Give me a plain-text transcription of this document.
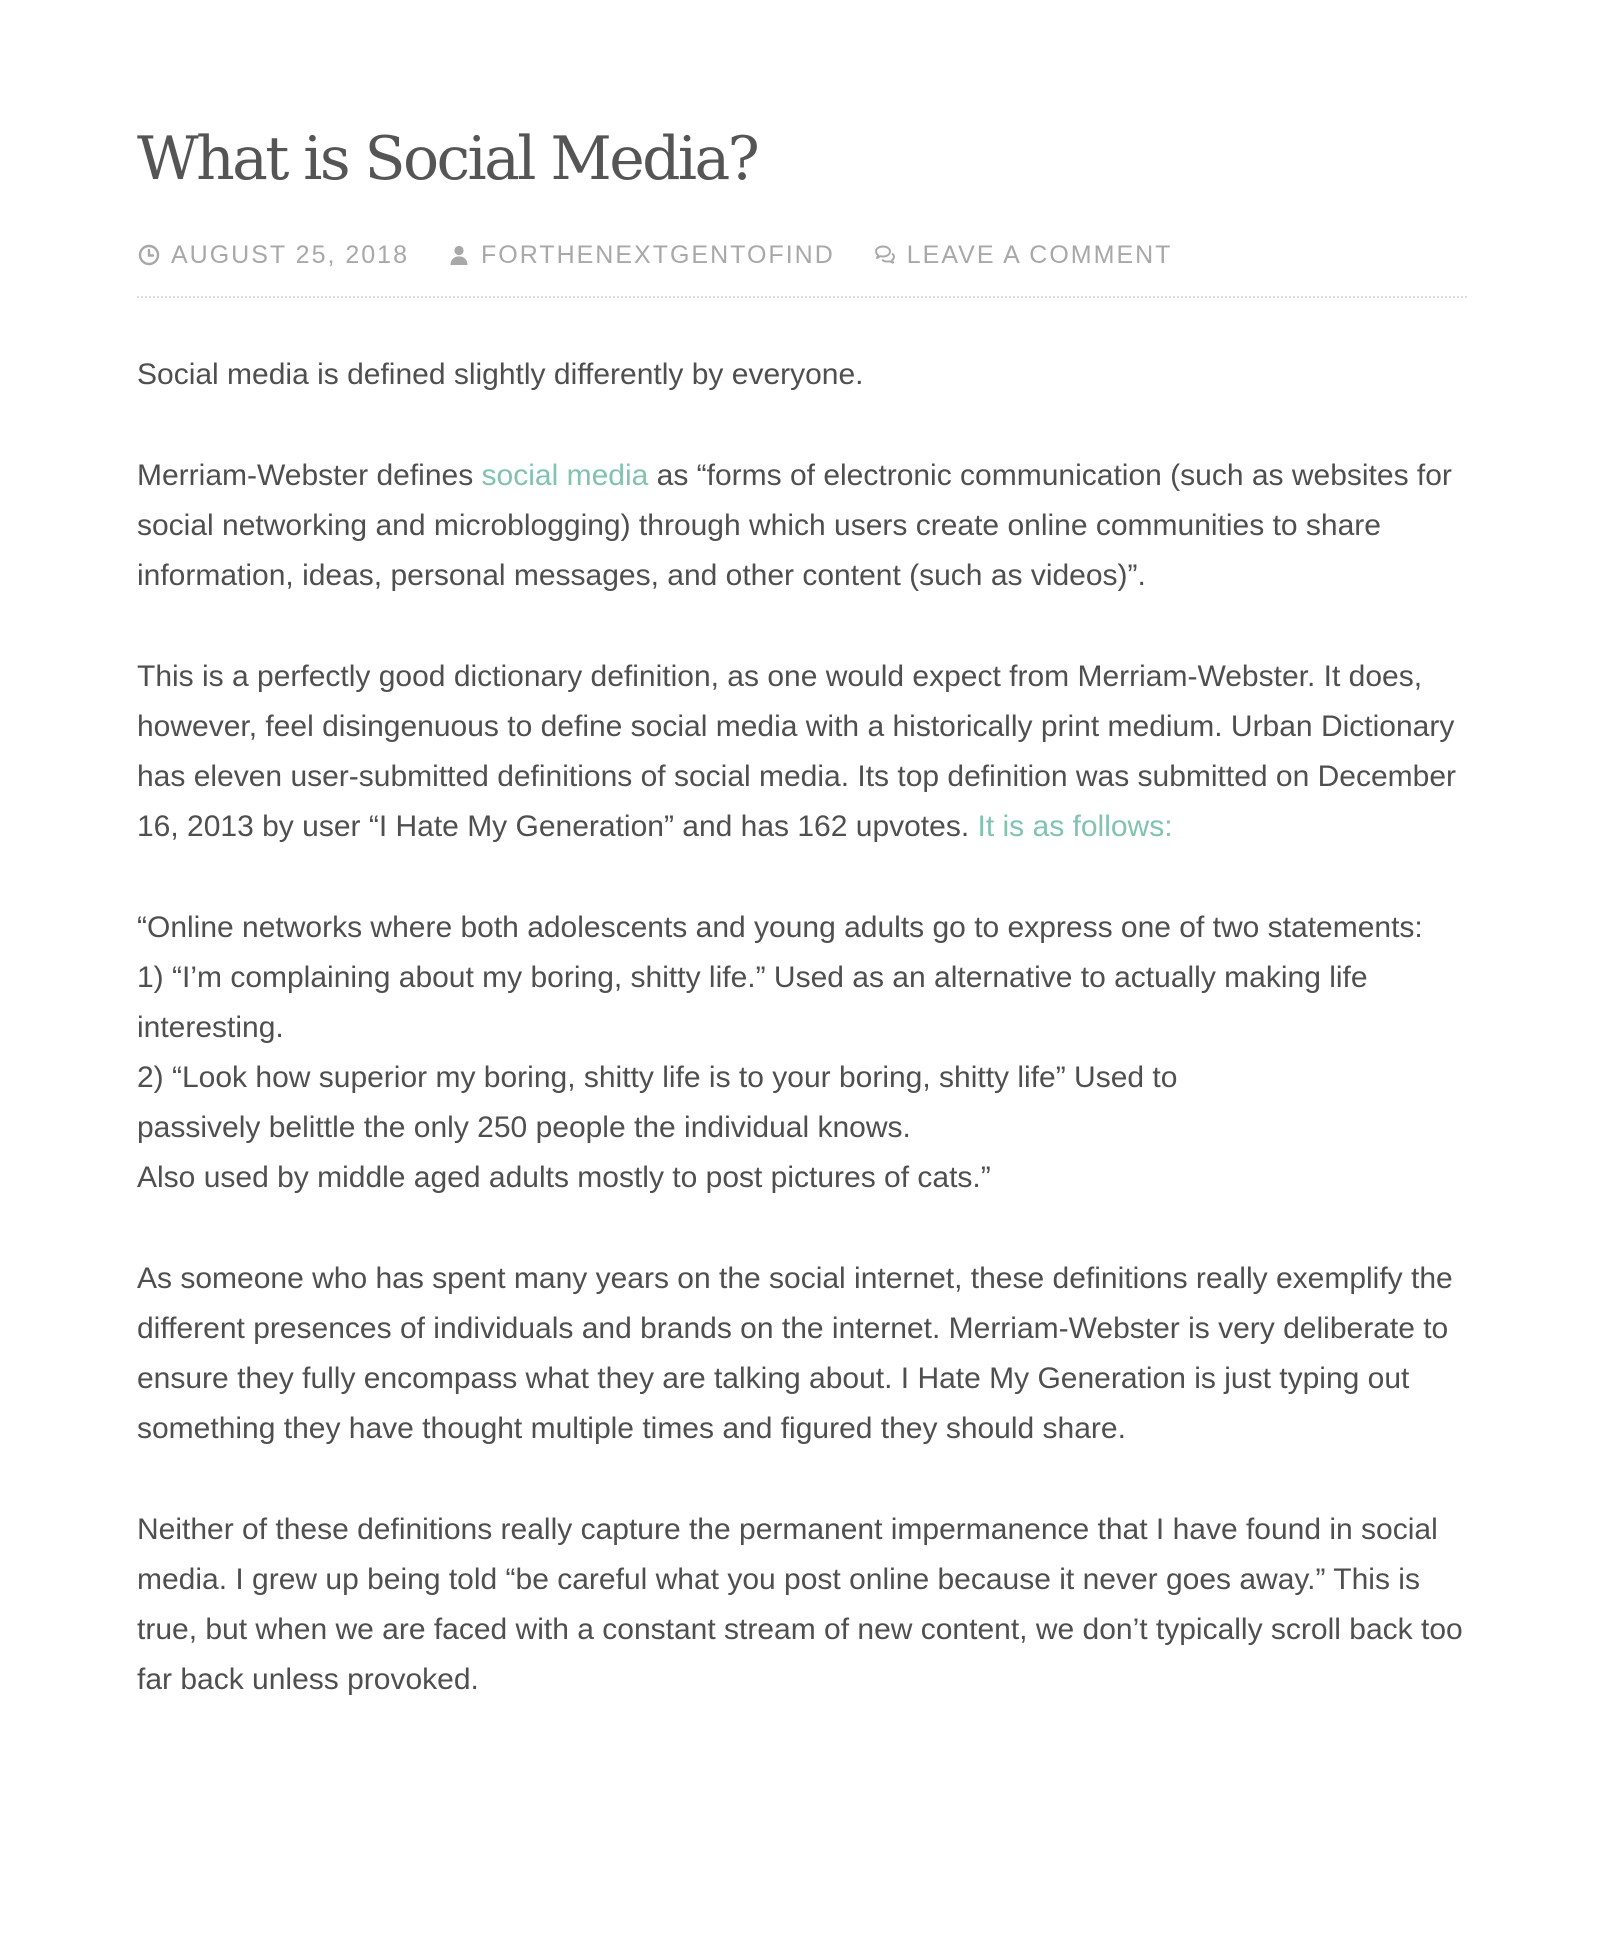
What is Social Media?
AUGUST 25, 2018	FORTHENEXTGENTOFIND	LEAVE A COMMENT

Social media is defined slightly differently by everyone.

Merriam-Webster defines social media as “forms of electronic communication (such as websites for social networking and microblogging) through which users create online communities to share information, ideas, personal messages, and other content (such as videos)”.

This is a perfectly good dictionary definition, as one would expect from Merriam-Webster. It does, however, feel disingenuous to define social media with a historically print medium. Urban Dictionary has eleven user-submitted definitions of social media. Its top definition was submitted on December 16, 2013 by user “I Hate My Generation” and has 162 upvotes. It is as follows:

“Online networks where both adolescents and young adults go to express one of two statements:
1) “I’m complaining about my boring, shitty life.” Used as an alternative to actually making life interesting.
2) “Look how superior my boring, shitty life is to your boring, shitty life” Used to
passively belittle the only 250 people the individual knows.
Also used by middle aged adults mostly to post pictures of cats.”

As someone who has spent many years on the social internet, these definitions really exemplify the different presences of individuals and brands on the internet. Merriam-Webster is very deliberate to ensure they fully encompass what they are talking about. I Hate My Generation is just typing out something they have thought multiple times and figured they should share.

Neither of these definitions really capture the permanent impermanence that I have found in social media. I grew up being told “be careful what you post online because it never goes away.” This is true, but when we are faced with a constant stream of new content, we don’t typically scroll back too far back unless provoked.
